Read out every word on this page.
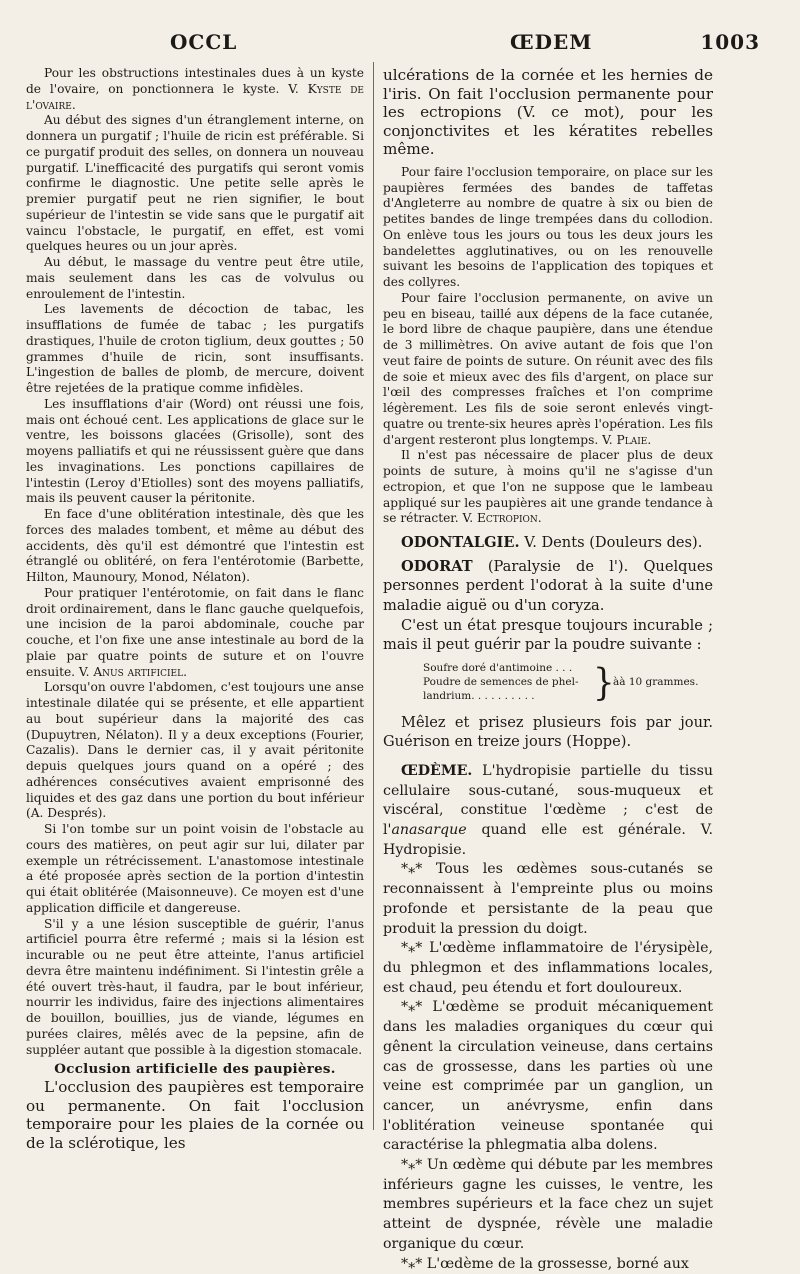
OCCL	ŒDEM	1003

Pour les obstructions intestinales dues à un kyste de l'ovaire, on ponctionnera le kyste. V. Kyste de l'ovaire.

Au début des signes d'un étranglement interne, on donnera un purgatif ; l'huile de ricin est préférable. Si ce purgatif produit des selles, on donnera un nouveau purgatif. L'inefficacité des purgatifs qui seront vomis confirme le diagnostic. Une petite selle après le premier purgatif peut ne rien signifier, le bout supérieur de l'intestin se vide sans que le purgatif ait vaincu l'obstacle, le purgatif, en effet, est vomi quelques heures ou un jour après.

Au début, le massage du ventre peut être utile, mais seulement dans les cas de volvulus ou enroulement de l'intestin.

Les lavements de décoction de tabac, les insufflations de fumée de tabac ; les purgatifs drastiques, l'huile de croton tiglium, deux gouttes ; 50 grammes d'huile de ricin, sont insuffisants. L'ingestion de balles de plomb, de mercure, doivent être rejetées de la pratique comme infidèles.

Les insufflations d'air (Word) ont réussi une fois, mais ont échoué cent. Les applications de glace sur le ventre, les boissons glacées (Grisolle), sont des moyens palliatifs et qui ne réussissent guère que dans les invaginations. Les ponctions capillaires de l'intestin (Leroy d'Etiolles) sont des moyens palliatifs, mais ils peuvent causer la péritonite.

En face d'une oblitération intestinale, dès que les forces des malades tombent, et même au début des accidents, dès qu'il est démontré que l'intestin est étranglé ou oblitéré, on fera l'entérotomie (Barbette, Hilton, Maunoury, Monod, Nélaton).

Pour pratiquer l'entérotomie, on fait dans le flanc droit ordinairement, dans le flanc gauche quelquefois, une incision de la paroi abdominale, couche par couche, et l'on fixe une anse intestinale au bord de la plaie par quatre points de suture et on l'ouvre ensuite. V. Anus artificiel.

Lorsqu'on ouvre l'abdomen, c'est toujours une anse intestinale dilatée qui se présente, et elle appartient au bout supérieur dans la majorité des cas (Dupuytren, Nélaton). Il y a deux exceptions (Fourier, Cazalis). Dans le dernier cas, il y avait péritonite depuis quelques jours quand on a opéré ; des adhérences consécutives avaient emprisonné des liquides et des gaz dans une portion du bout inférieur (A. Després).

Si l'on tombe sur un point voisin de l'obstacle au cours des matières, on peut agir sur lui, dilater par exemple un rétrécissement. L'anastomose intestinale a été proposée après section de la portion d'intestin qui était oblitérée (Maisonneuve). Ce moyen est d'une application difficile et dangereuse.

S'il y a une lésion susceptible de guérir, l'anus artificiel pourra être refermé ; mais si la lésion est incurable ou ne peut être atteinte, l'anus artificiel devra être maintenu indéfiniment. Si l'intestin grêle a été ouvert très-haut, il faudra, par le bout inférieur, nourrir les individus, faire des injections alimentaires de bouillon, bouillies, jus de viande, légumes en purées claires, mêlés avec de la pepsine, afin de suppléer autant que possible à la digestion stomacale.

Occlusion artificielle des paupières.

L'occlusion des paupières est temporaire ou permanente. On fait l'occlusion temporaire pour les plaies de la cornée ou de la sclérotique, les

ulcérations de la cornée et les hernies de l'iris. On fait l'occlusion permanente pour les ectropions (V. ce mot), pour les conjonctivites et les kératites rebelles même.

Pour faire l'occlusion temporaire, on place sur les paupières fermées des bandes de taffetas d'Angleterre au nombre de quatre à six ou bien de petites bandes de linge trempées dans du collodion. On enlève tous les jours ou tous les deux jours les bandelettes agglutinatives, ou on les renouvelle suivant les besoins de l'application des topiques et des collyres.

Pour faire l'occlusion permanente, on avive un peu en biseau, taillé aux dépens de la face cutanée, le bord libre de chaque paupière, dans une étendue de 3 millimètres. On avive autant de fois que l'on veut faire de points de suture. On réunit avec des fils de soie et mieux avec des fils d'argent, on place sur l'œil des compresses fraîches et l'on comprime légèrement. Les fils de soie seront enlevés vingt-quatre ou trente-six heures après l'opération. Les fils d'argent resteront plus longtemps. V. Plaie.

Il n'est pas nécessaire de placer plus de deux points de suture, à moins qu'il ne s'agisse d'un ectropion, et que l'on ne suppose que le lambeau appliqué sur les paupières ait une grande tendance à se rétracter. V. Ectropion.

ODONTALGIE. V. Dents (Douleurs des).

ODORAT (Paralysie de l'). Quelques personnes perdent l'odorat à la suite d'une maladie aiguë ou d'un coryza.

C'est un état presque toujours incurable ; mais il peut guérir par la poudre suivante :

Soufre doré d'antimoine . . .
Poudre de semences de phel-
landrium. . . . . . . . . . }
àà 10 grammes.

Mêlez et prisez plusieurs fois par jour. Guérison en treize jours (Hoppe).

ŒDÈME. L'hydropisie partielle du tissu cellulaire sous-cutané, sous-muqueux et viscéral, constitue l'œdème ; c'est de l'anasarque quand elle est générale. V. Hydropisie.

*⁎* Tous les œdèmes sous-cutanés se reconnaissent à l'empreinte plus ou moins profonde et persistante de la peau que produit la pression du doigt.

*⁎* L'œdème inflammatoire de l'érysipèle, du phlegmon et des inflammations locales, est chaud, peu étendu et fort douloureux.

*⁎* L'œdème se produit mécaniquement dans les maladies organiques du cœur qui gênent la circulation veineuse, dans certains cas de grossesse, dans les parties où une veine est comprimée par un ganglion, un cancer, un anévrysme, enfin dans l'oblitération veineuse spontanée qui caractérise la phlegmatia alba dolens.

*⁎* Un œdème qui débute par les membres inférieurs gagne les cuisses, le ventre, les membres supérieurs et la face chez un sujet atteint de dyspnée, révèle une maladie organique du cœur.

*⁎* L'œdème de la grossesse, borné aux
